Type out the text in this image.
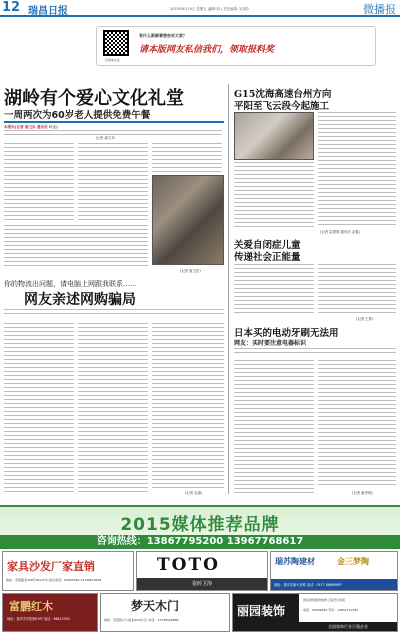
12 瑞昌日报	2015年6月19日 星期五 |编辑:刘 | 责任编辑: 吴美彩	微播报
有什么新鲜事想告诉大家？
请本版网友私信我们，领取报料奖
扫码加关注
湖岭有个爱心文化礼堂
一周两次为60岁老人提供免费午餐
本报讯(记者 唐卫东 通讯员 叶文)
记者 唐卫东
(记者 唐卫东)
你的物流出问题，请电脑上网跟我联系……
网友亲述网购骗局
(记者 吴嘉)
G15沈海高速台州方向
平阳至飞云段今起施工
(记者 葛建国 通讯员 金黎)
关爱自闭症儿童
传递社会正能量
(记者 王栋)
日本买的电动牙刷无法用
网友：买时要注意电器标识
(记者 夏伊珉)
2015媒体推荐品牌
咨询热线：13867795200 13967768617
家具沙发厂家直销
地址：安阳路北208号(Pos中华书店)电话：82663569 13758818895
TOTO
瓷砖卫浴
瑞苏陶建材	金三梦陶
地址：瑞安市新兴北路 电话：0577-66669997
富鹏红木
地址：瑞安市安阳街29号 电话：66813355
梦天木门
地址：安阳新兴大道北(Pos中百) 电话：13738528888
丽园装饰
国家建筑装饰装修工程设计资质
电话：65682682 手机：13857711585
全国装饰行业百强企业
